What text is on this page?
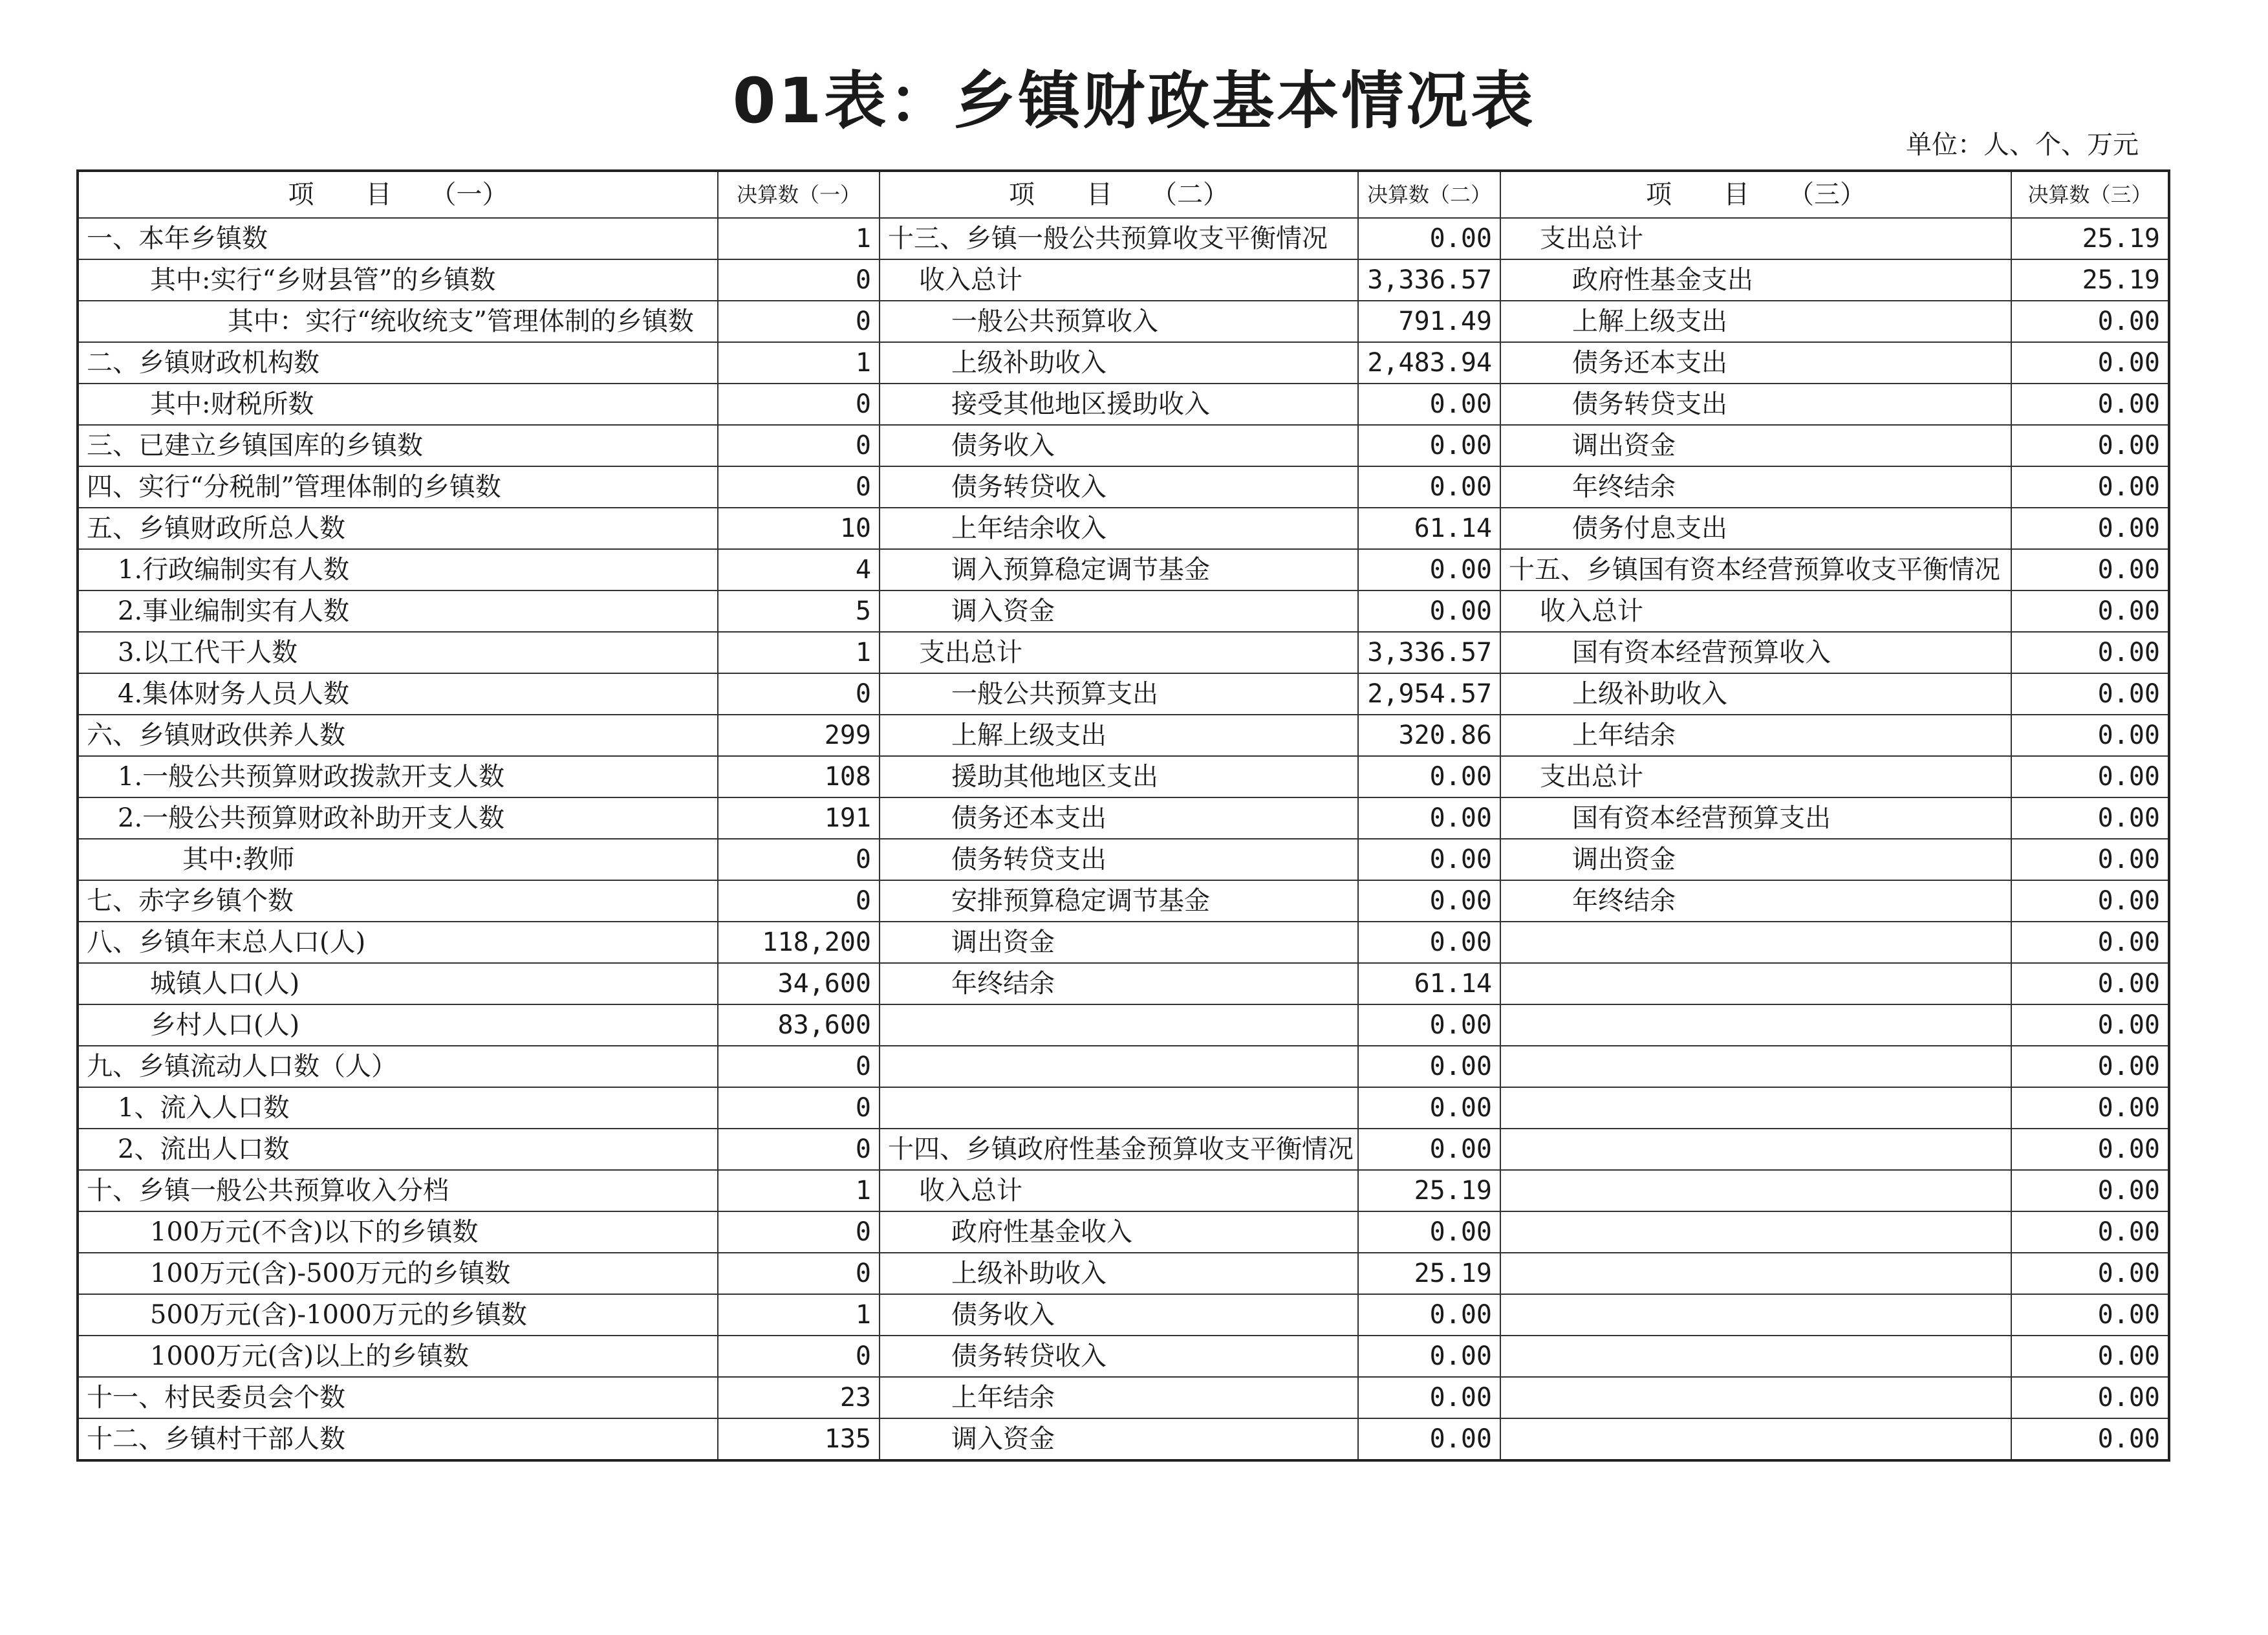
01表：乡镇财政基本情况表
单位：人、个、万元
项　　目　　（一）	决算数（一）	项　　目　　（二）	决算数（二）	项　　目　　（三）	决算数（三）
一、本年乡镇数	1	十三、乡镇一般公共预算收支平衡情况	0.00	支出总计	25.19
其中:实行“乡财县管”的乡镇数	0	收入总计	3,336.57	政府性基金支出	25.19
其中：实行“统收统支”管理体制的乡镇数	0	一般公共预算收入	791.49	上解上级支出	0.00
二、乡镇财政机构数	1	上级补助收入	2,483.94	债务还本支出	0.00
其中:财税所数	0	接受其他地区援助收入	0.00	债务转贷支出	0.00
三、已建立乡镇国库的乡镇数	0	债务收入	0.00	调出资金	0.00
四、实行“分税制”管理体制的乡镇数	0	债务转贷收入	0.00	年终结余	0.00
五、乡镇财政所总人数	10	上年结余收入	61.14	债务付息支出	0.00
1.行政编制实有人数	4	调入预算稳定调节基金	0.00	十五、乡镇国有资本经营预算收支平衡情况	0.00
2.事业编制实有人数	5	调入资金	0.00	收入总计	0.00
3.以工代干人数	1	支出总计	3,336.57	国有资本经营预算收入	0.00
4.集体财务人员人数	0	一般公共预算支出	2,954.57	上级补助收入	0.00
六、乡镇财政供养人数	299	上解上级支出	320.86	上年结余	0.00
1.一般公共预算财政拨款开支人数	108	援助其他地区支出	0.00	支出总计	0.00
2.一般公共预算财政补助开支人数	191	债务还本支出	0.00	国有资本经营预算支出	0.00
其中:教师	0	债务转贷支出	0.00	调出资金	0.00
七、赤字乡镇个数	0	安排预算稳定调节基金	0.00	年终结余	0.00
八、乡镇年末总人口(人)	118,200	调出资金	0.00		0.00
城镇人口(人)	34,600	年终结余	61.14		0.00
乡村人口(人)	83,600		0.00		0.00
九、乡镇流动人口数（人）	0		0.00		0.00
1、流入人口数	0		0.00		0.00
2、流出人口数	0	十四、乡镇政府性基金预算收支平衡情况	0.00		0.00
十、乡镇一般公共预算收入分档	1	收入总计	25.19		0.00
100万元(不含)以下的乡镇数	0	政府性基金收入	0.00		0.00
100万元(含)-500万元的乡镇数	0	上级补助收入	25.19		0.00
500万元(含)-1000万元的乡镇数	1	债务收入	0.00		0.00
1000万元(含)以上的乡镇数	0	债务转贷收入	0.00		0.00
十一、村民委员会个数	23	上年结余	0.00		0.00
十二、乡镇村干部人数	135	调入资金	0.00		0.00
